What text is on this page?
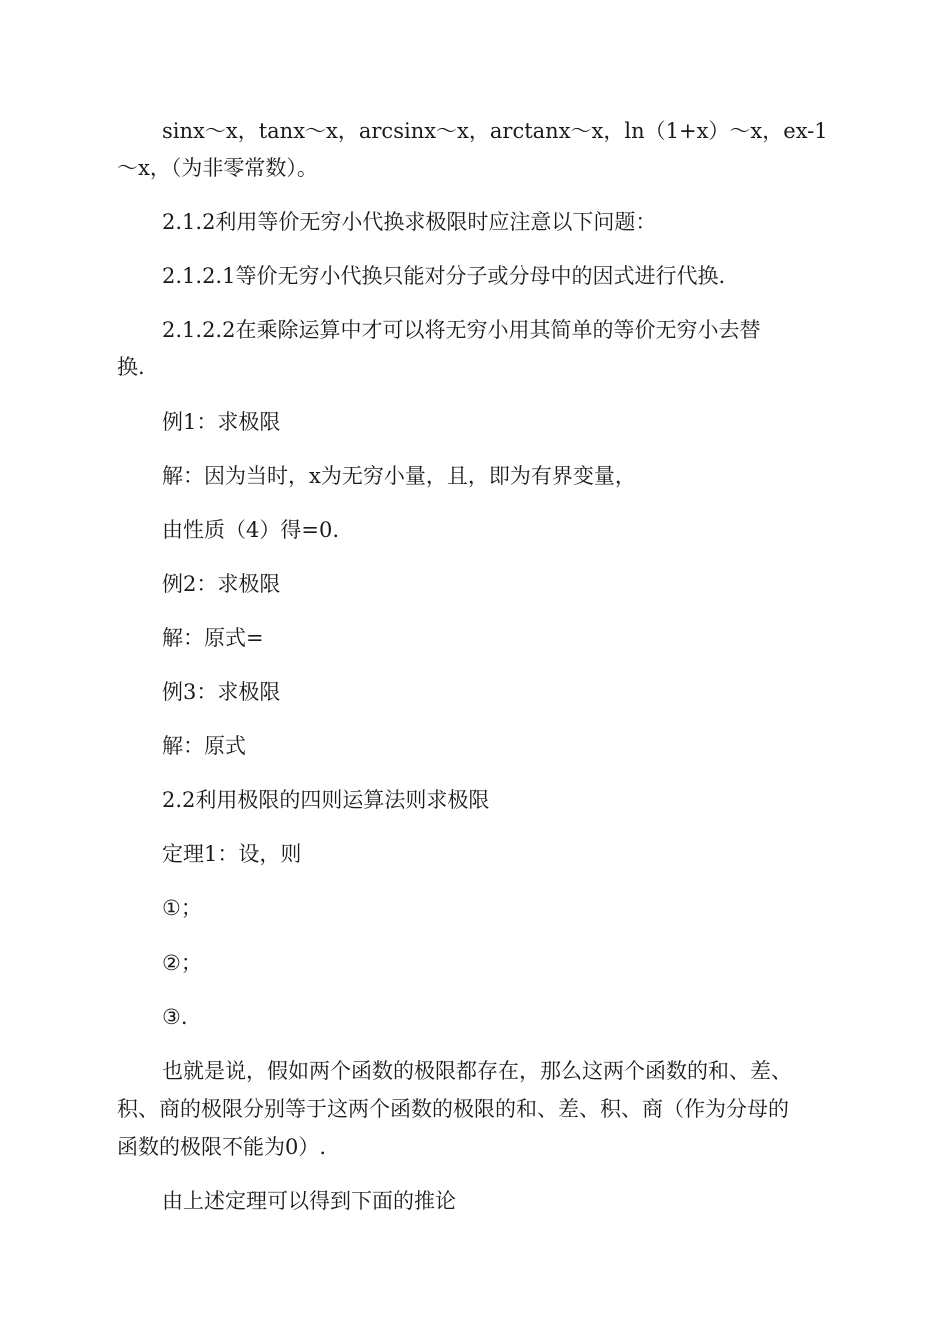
sinx～x，tanx～x，arcsinx～x，arctanx～x，ln（1+x）～x，ex-1
～x，（为非零常数）。
2.1.2利用等价无穷小代换求极限时应注意以下问题：
2.1.2.1等价无穷小代换只能对分子或分母中的因式进行代换.
2.1.2.2在乘除运算中才可以将无穷小用其简单的等价无穷小去替
换.
例1：求极限
解：因为当时，x为无穷小量，且，即为有界变量，
由性质（4）得=0.
例2：求极限
解：原式=
例3：求极限
解：原式
2.2利用极限的四则运算法则求极限
定理1：设，则
①；
②；
③.
也就是说，假如两个函数的极限都存在，那么这两个函数的和、差、
积、商的极限分别等于这两个函数的极限的和、差、积、商（作为分母的
函数的极限不能为0）.
由上述定理可以得到下面的推论
